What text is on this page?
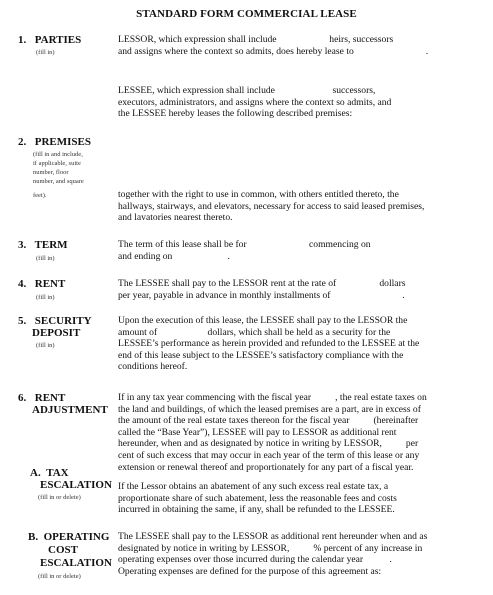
STANDARD FORM COMMERCIAL LEASE
1. PARTIES
(fill in)
LESSOR, which expression shall include                      heirs, successors
and assigns where the context so admits, does hereby lease to                              .
LESSEE, which expression shall include                        successors,
executors, administrators, and assigns where the context so admits, and
the LESSEE hereby leases the following described premises:
2. PREMISES
(fill in and include,
if applicable, suite
number, floor
number, and square
feet).	together with the right to use in common, with others entitled thereto, the
hallways, stairways, and elevators, necessary for access to said leased premises,
and lavatories nearest thereto.
3. TERM
(fill in)
The term of this lease shall be for                          commencing on
and ending on                       .
4. RENT
(fill in)
The LESSEE shall pay to the LESSOR rent at the rate of                  dollars
per year, payable in advance in monthly installments of                              .
5. SECURITY
DEPOSIT
(fill in)
Upon the execution of this lease, the LESSEE shall pay to the LESSOR the
amount of                     dollars, which shall be held as a security for the
LESSEE’s performance as herein provided and refunded to the LESSEE at the
end of this lease subject to the LESSEE’s satisfactory compliance with the
conditions hereof.
6. RENT
ADJUSTMENT
If in any tax year commencing with the fiscal year          , the real estate taxes on
the land and buildings, of which the leased premises are a part, are in excess of
the amount of the real estate taxes thereon for the fiscal year          (hereinafter
called the “Base Year”), LESSEE will pay to LESSOR as additional rent
hereunder, when and as designated by notice in writing by LESSOR,          per
cent of such excess that may occur in each year of the term of this lease or any
extension or renewal thereof and proportionately for any part of a fiscal year.
A. TAX
ESCALATION
(fill in or delete)
If the Lessor obtains an abatement of any such excess real estate tax, a
proportionate share of such abatement, less the reasonable fees and costs
incurred in obtaining the same, if any, shall be refunded to the LESSEE.
B. OPERATING
COST
ESCALATION
(fill in or delete)
The LESSEE shall pay to the LESSOR as additional rent hereunder when and as
designated by notice in writing by LESSOR,          % percent of any increase in
operating expenses over those incurred during the calendar year           .
Operating expenses are defined for the purpose of this agreement as:
